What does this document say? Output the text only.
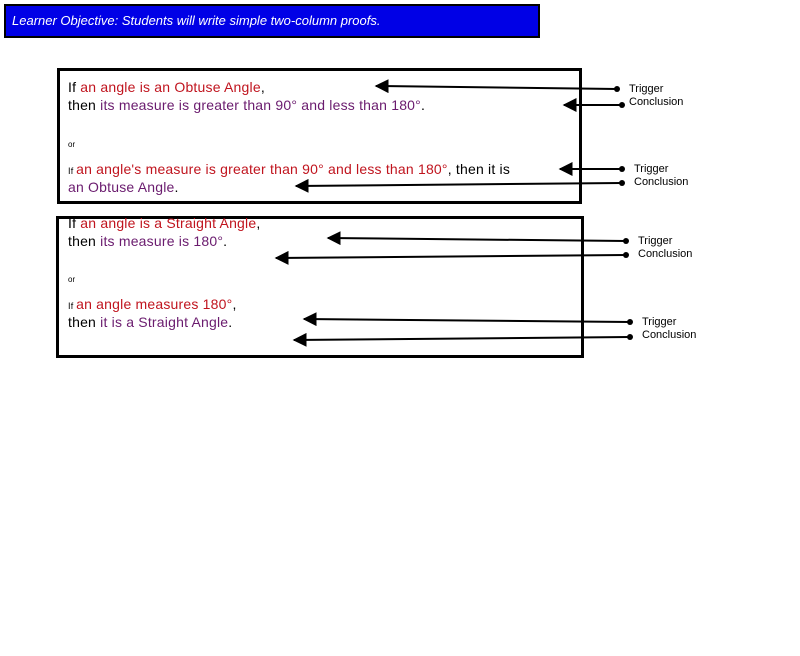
Learner Objective: Students will write simple two-column proofs.
If an angle is an Obtuse Angle,
then its measure is greater than 90° and less than 180°.
or
If an angle's measure is greater than 90° and less than 180°, then it is
an Obtuse Angle.
Trigger
Conclusion
Trigger
Conclusion
If an angle is a Straight Angle,
then its measure is 180°.
or
If an angle measures 180°,
then it is a Straight Angle.
Trigger
Conclusion
Trigger
Conclusion
